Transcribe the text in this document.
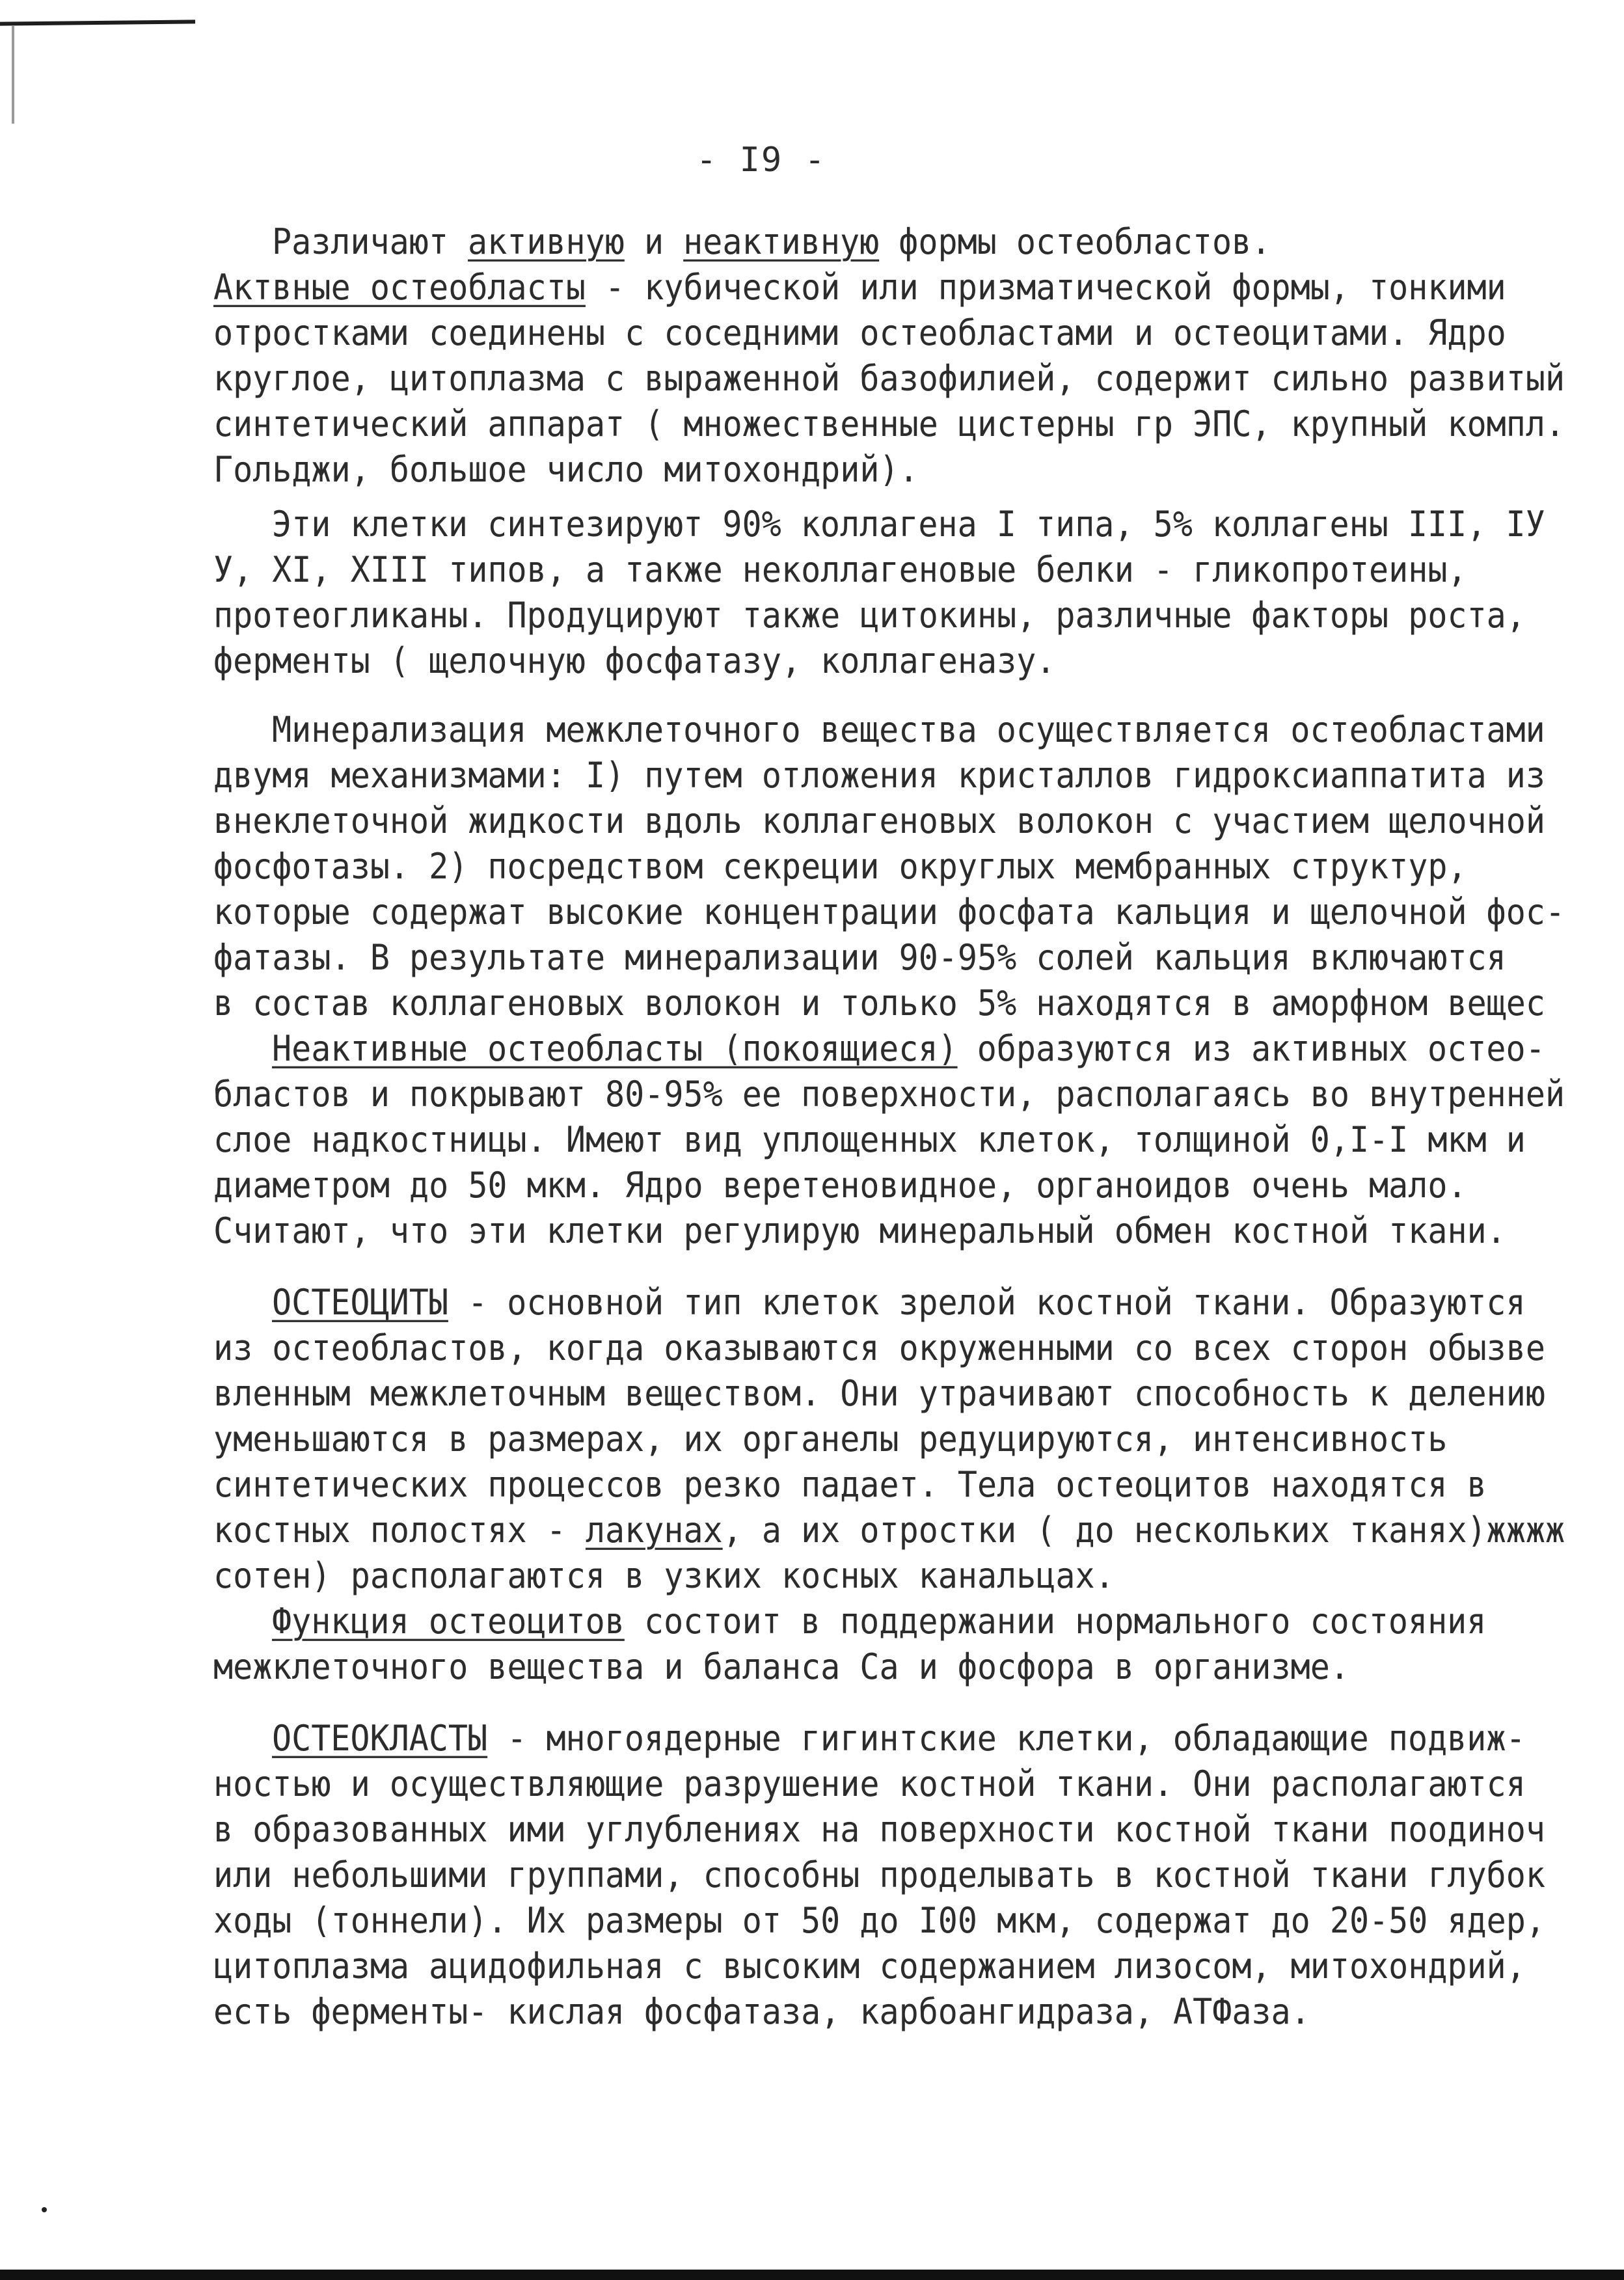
- I9 -
Различают активную и неактивную формы остеобластов.
Актвные остеобласты - кубической или призматической формы, тонкими
отростками соединены с соседними остеобластами и остеоцитами. Ядро
круглое, цитоплазма с выраженной базофилией, содержит сильно развитый
синтетический аппарат ( множественные цистерны гр ЭПС, крупный компл.
Гольджи, большое число митохондрий).
Эти клетки синтезируют 90% коллагена I типа, 5% коллагены III, IУ
У, XI, XIII типов, а также неколлагеновые белки - гликопротеины,
протеогликаны. Продуцируют также цитокины, различные факторы роста,
ферменты ( щелочную фосфатазу, коллагеназу.
Минерализация межклеточного вещества осуществляется остеобластами
двумя механизмами: I) путем отложения кристаллов гидроксиаппатита из
внеклеточной жидкости вдоль коллагеновых волокон с участием щелочной
фосфотазы. 2) посредством секреции округлых мембранных структур,
которые содержат высокие концентрации фосфата кальция и щелочной фос-
фатазы. В результате минерализации 90-95% солей кальция включаются
в состав коллагеновых волокон и только 5% находятся в аморфном вещес
Неактивные остеобласты (покоящиеся) образуются из активных остео-
бластов и покрывают 80-95% ее поверхности, располагаясь во внутренней
слое надкостницы. Имеют вид уплощенных клеток, толщиной 0,I-I мкм и
диаметром до 50 мкм. Ядро веретеновидное, органоидов очень мало.
Считают, что эти клетки регулирую минеральный обмен костной ткани.
ОСТЕОЦИТЫ - основной тип клеток зрелой костной ткани. Образуются
из остеобластов, когда оказываются окруженными со всех сторон обызве
вленным межклеточным веществом. Они утрачивают способность к делению
уменьшаются в размерах, их органелы редуцируются, интенсивность
синтетических процессов резко падает. Тела остеоцитов находятся в
костных полостях - лакунах, а их отростки ( до нескольких тканях)жжжж
сотен) располагаются в узких косных канальцах.
Функция остеоцитов состоит в поддержании нормального состояния
межклеточного вещества и баланса Са и фосфора в организме.
ОСТЕОКЛАСТЫ - многоядерные гигинтские клетки, обладающие подвиж-
ностью и осуществляющие разрушение костной ткани. Они располагаются
в образованных ими углублениях на поверхности костной ткани поодиноч
или небольшими группами, способны проделывать в костной ткани глубок
ходы (тоннели). Их размеры от 50 до I00 мкм, содержат до 20-50 ядер,
цитоплазма ацидофильная с высоким содержанием лизосом, митохондрий,
есть ферменты- кислая фосфатаза, карбоангидраза, АТФаза.
